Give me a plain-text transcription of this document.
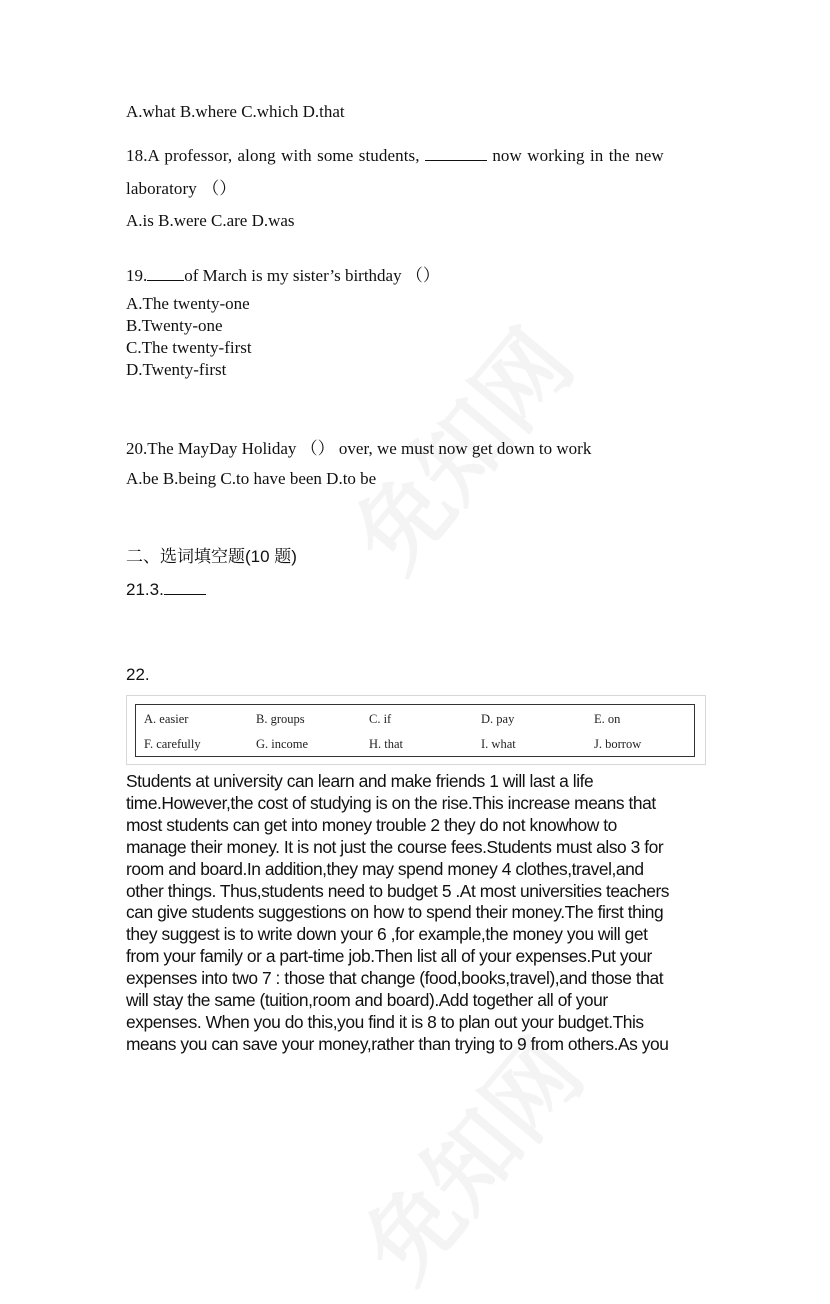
A.what B.where C.which D.that
18.A professor, along with some students,	now working in the new
laboratory （）
A.is B.were C.are D.was
19. of March is my sister’s birthday （）
A.The twenty-one
B.Twenty-one
C.The twenty-first
D.Twenty-first
20.The MayDay Holiday （） over, we must now get down to work
A.be B.being C.to have been D.to be
二、选词填空题(10 题)
21.3.
22.
A. easier	B. groups	C. if	D. pay	E. on
F. carefully	G. income	H. that	I. what	J. borrow
Students at university can learn and make friends 1 will last a life
time.However,the cost of studying is on the rise.This increase means that
most students can get into money trouble 2 they do not knowhow to
manage their money. It is not just the course fees.Students must also 3 for
room and board.In addition,they may spend money 4 clothes,travel,and
other things. Thus,students need to budget 5 .At most universities teachers
can give students suggestions on how to spend their money.The first thing
they suggest is to write down your 6 ,for example,the money you will get
from your family or a part-time job.Then list all of your expenses.Put your
expenses into two 7 : those that change (food,books,travel),and those that
will stay the same (tuition,room and board).Add together all of your
expenses. When you do this,you find it is 8 to plan out your budget.This
means you can save your money,rather than trying to 9 from others.As you
